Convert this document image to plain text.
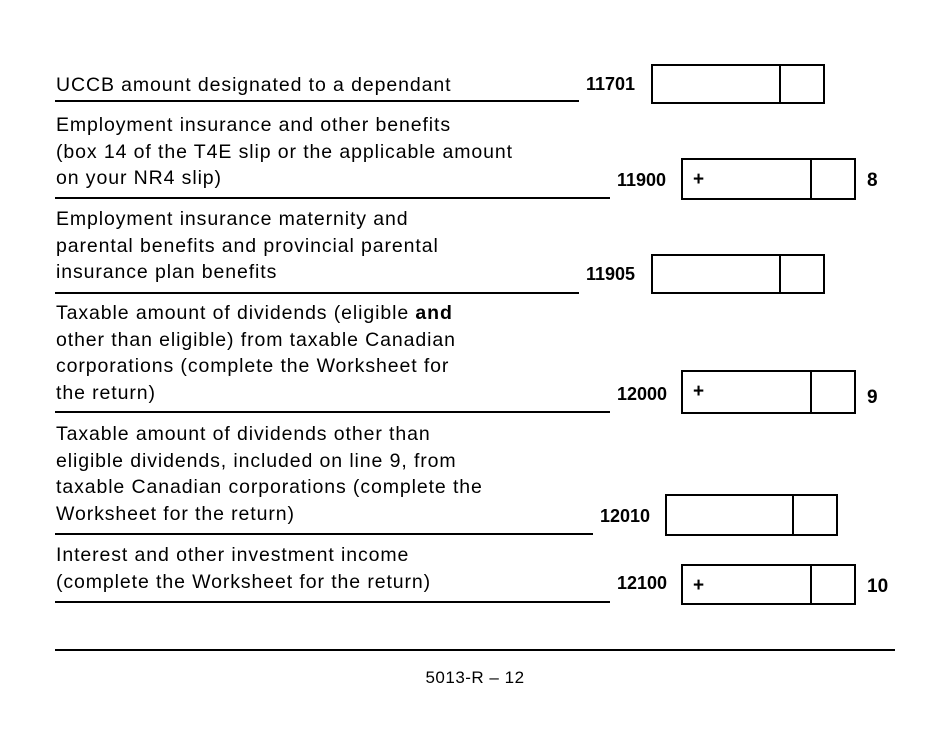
UCCB amount designated to a dependant	11701
Employment insurance and other benefits
(box 14 of the T4E slip or the applicable amount
on your NR4 slip)	11900 +	8
Employment insurance maternity and
parental benefits and provincial parental
insurance plan benefits	11905
Taxable amount of dividends (eligible and
other than eligible) from taxable Canadian
corporations (complete the Worksheet for
the return)	12000 +	9
Taxable amount of dividends other than
eligible dividends, included on line 9, from
taxable Canadian corporations (complete the
Worksheet for the return)	12010
Interest and other investment income
(complete the Worksheet for the return)	12100 +	10
5013-R – 12
